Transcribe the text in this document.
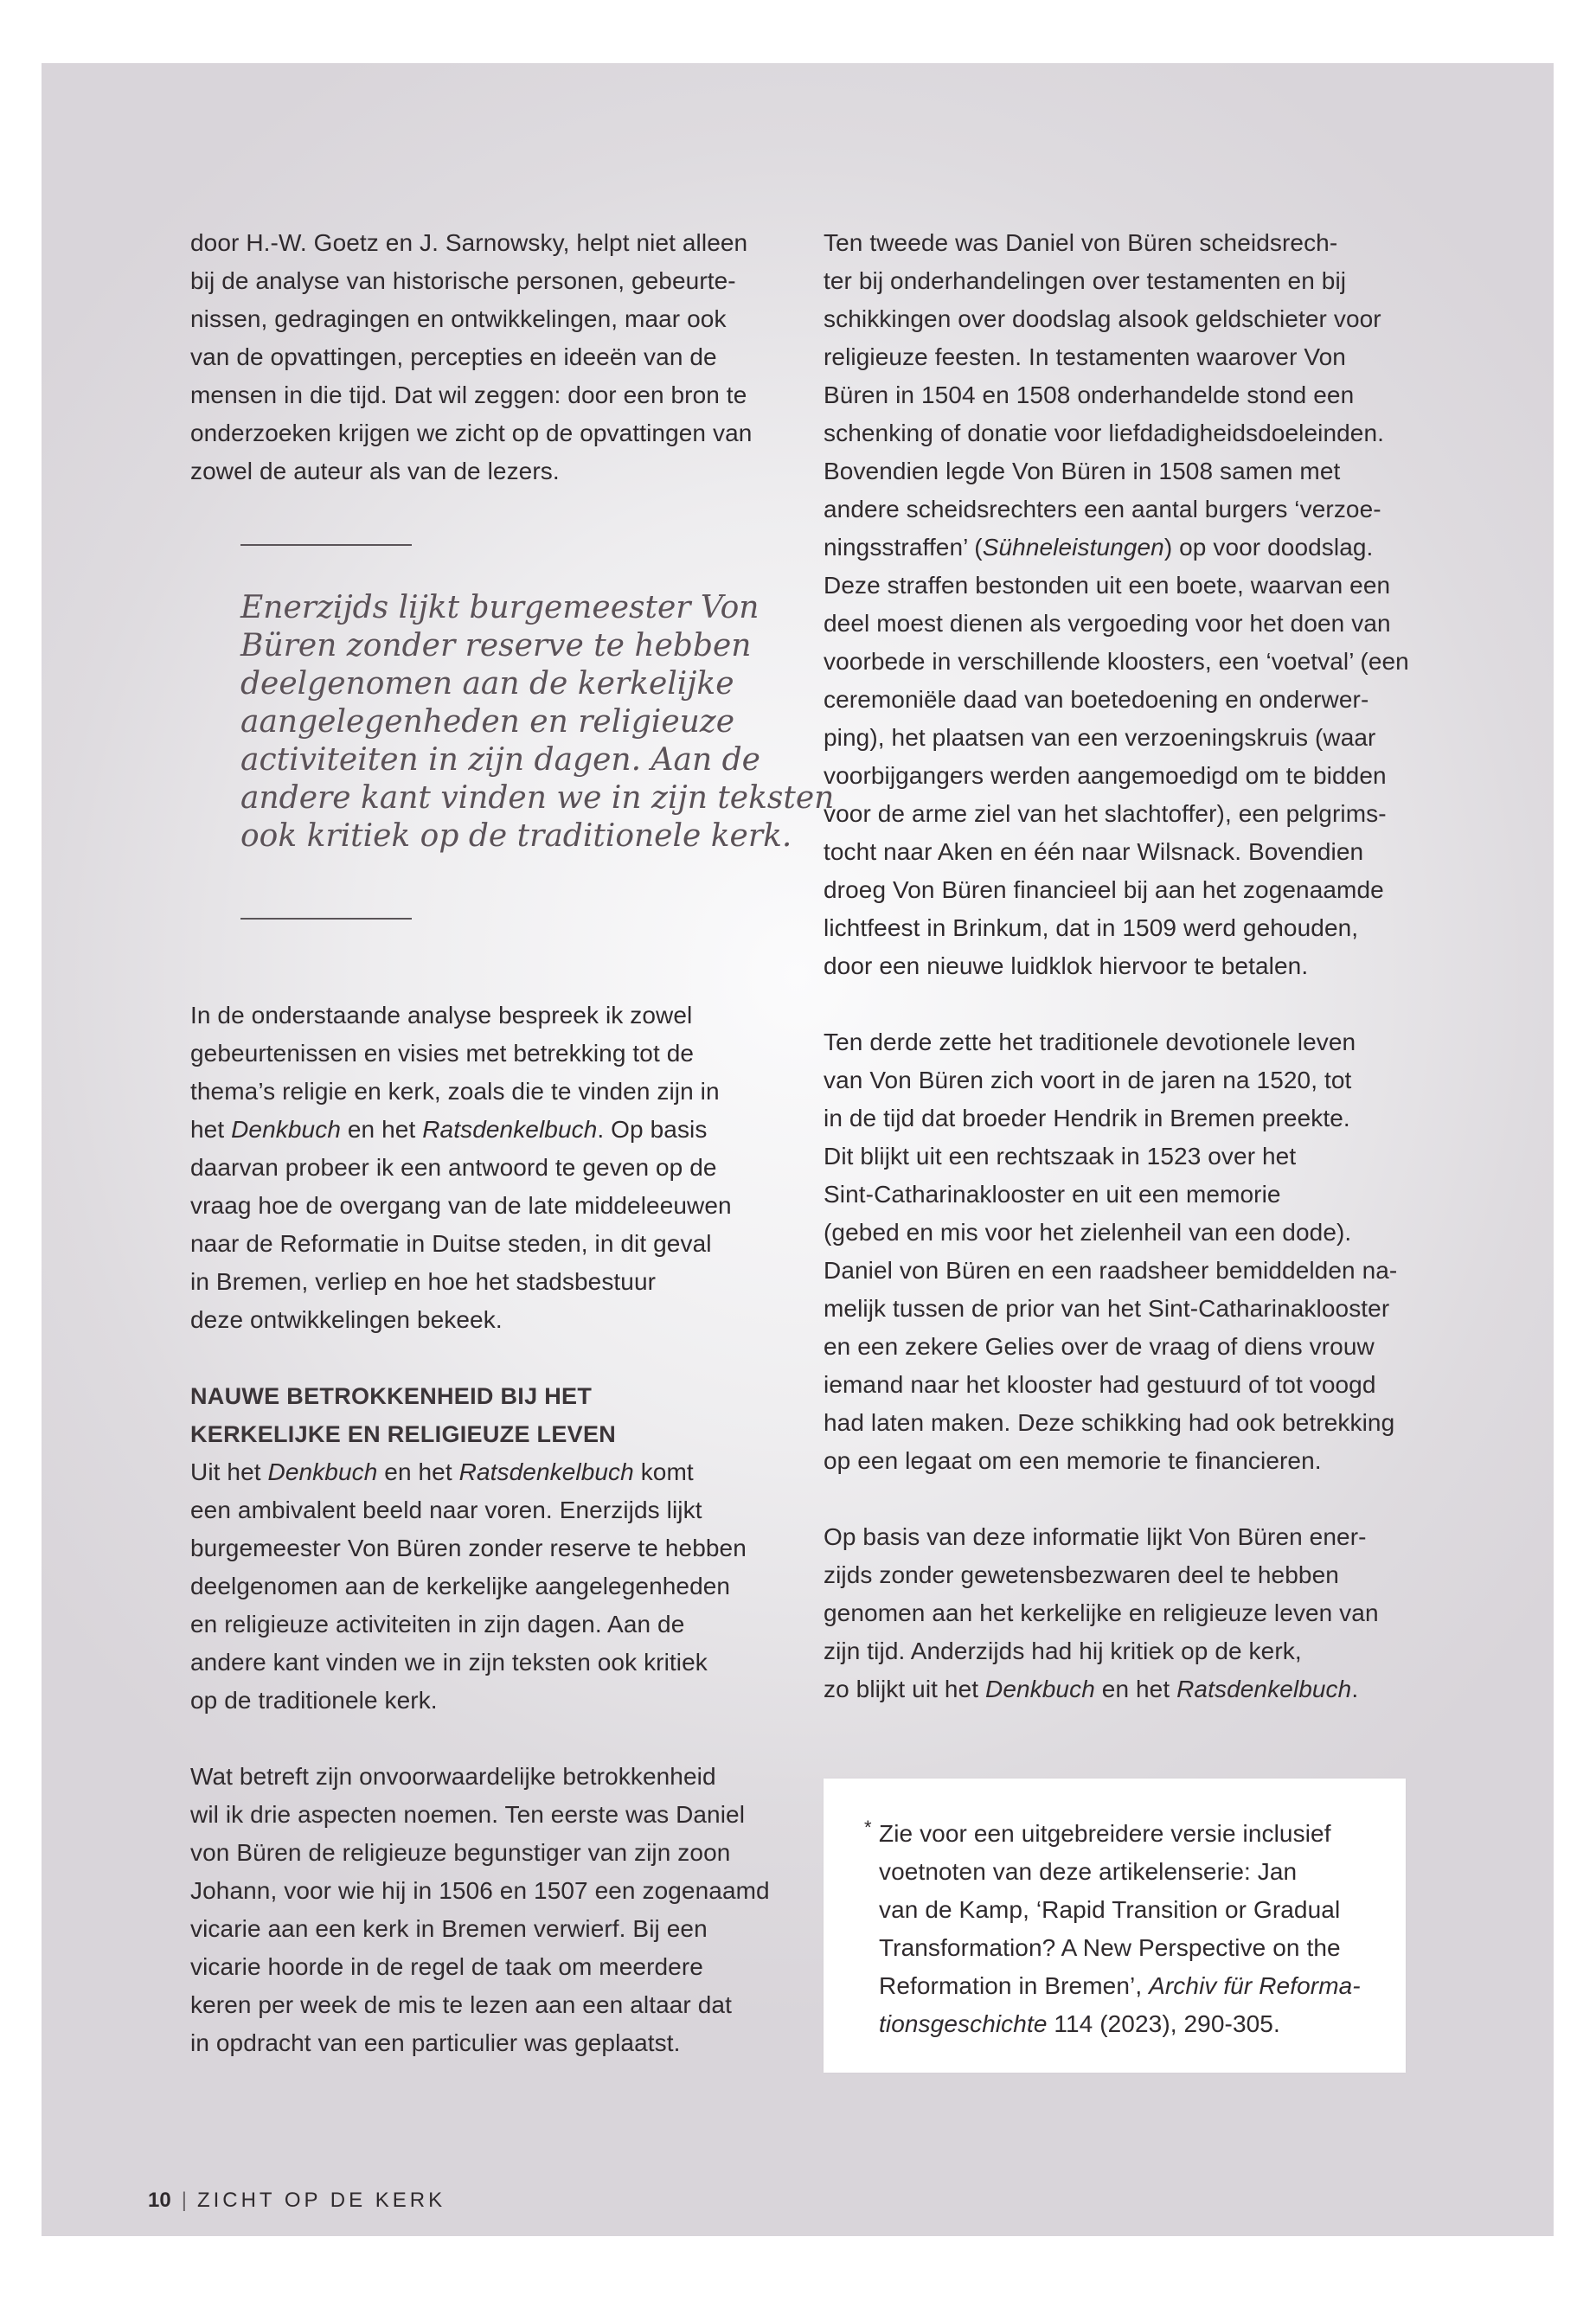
door H.-W. Goetz en J. Sarnowsky, helpt niet alleen
bij de analyse van historische personen, gebeurte-
nissen, gedragingen en ontwikkelingen, maar ook
van de opvattingen, percepties en ideeën van de
mensen in die tijd. Dat wil zeggen: door een bron te
onderzoeken krijgen we zicht op de opvattingen van
zowel de auteur als van de lezers.
Enerzijds lijkt burgemeester Von
Büren zonder reserve te hebben
deelgenomen aan de kerkelijke
aangelegenheden en religieuze
activiteiten in zijn dagen. Aan de
andere kant vinden we in zijn teksten
ook kritiek op de traditionele kerk.
In de onderstaande analyse bespreek ik zowel
gebeurtenissen en visies met betrekking tot de
thema’s religie en kerk, zoals die te vinden zijn in
het Denkbuch en het Ratsdenkelbuch. Op basis
daarvan probeer ik een antwoord te geven op de
vraag hoe de overgang van de late middeleeuwen
naar de Reformatie in Duitse steden, in dit geval
in Bremen, verliep en hoe het stadsbestuur
deze ontwikkelingen bekeek.
NAUWE BETROKKENHEID BIJ HET
KERKELIJKE EN RELIGIEUZE LEVEN
Uit het Denkbuch en het Ratsdenkelbuch komt
een ambivalent beeld naar voren. Enerzijds lijkt
burgemeester Von Büren zonder reserve te hebben
deelgenomen aan de kerkelijke aangelegenheden
en religieuze activiteiten in zijn dagen. Aan de
andere kant vinden we in zijn teksten ook kritiek
op de traditionele kerk.
Wat betreft zijn onvoorwaardelijke betrokkenheid
wil ik drie aspecten noemen. Ten eerste was Daniel
von Büren de religieuze begunstiger van zijn zoon
Johann, voor wie hij in 1506 en 1507 een zogenaamd
vicarie aan een kerk in Bremen verwierf. Bij een
vicarie hoorde in de regel de taak om meerdere
keren per week de mis te lezen aan een altaar dat
in opdracht van een particulier was geplaatst.
Ten tweede was Daniel von Büren scheidsrech-
ter bij onderhandelingen over testamenten en bij
schikkingen over doodslag alsook geldschieter voor
religieuze feesten. In testamenten waarover Von
Büren in 1504 en 1508 onderhandelde stond een
schenking of donatie voor liefdadigheidsdoeleinden.
Bovendien legde Von Büren in 1508 samen met
andere scheidsrechters een aantal burgers ‘verzoe-
ningsstraffen’ (Sühneleistungen) op voor doodslag.
Deze straffen bestonden uit een boete, waarvan een
deel moest dienen als vergoeding voor het doen van
voorbede in verschillende kloosters, een ‘voetval’ (een
ceremoniële daad van boetedoening en onderwer-
ping), het plaatsen van een verzoeningskruis (waar
voorbijgangers werden aangemoedigd om te bidden
voor de arme ziel van het slachtoffer), een pelgrims-
tocht naar Aken en één naar Wilsnack. Bovendien
droeg Von Büren financieel bij aan het zogenaamde
lichtfeest in Brinkum, dat in 1509 werd gehouden,
door een nieuwe luidklok hiervoor te betalen.
Ten derde zette het traditionele devotionele leven
van Von Büren zich voort in de jaren na 1520, tot
in de tijd dat broeder Hendrik in Bremen preekte.
Dit blijkt uit een rechtszaak in 1523 over het
Sint-Catharinaklooster en uit een memorie
(gebed en mis voor het zielenheil van een dode).
Daniel von Büren en een raadsheer bemiddelden na-
melijk tussen de prior van het Sint-Catharinaklooster
en een zekere Gelies over de vraag of diens vrouw
iemand naar het klooster had gestuurd of tot voogd
had laten maken. Deze schikking had ook betrekking
op een legaat om een memorie te financieren.
Op basis van deze informatie lijkt Von Büren ener-
zijds zonder gewetensbezwaren deel te hebben
genomen aan het kerkelijke en religieuze leven van
zijn tijd. Anderzijds had hij kritiek op de kerk,
zo blijkt uit het Denkbuch en het Ratsdenkelbuch.
* Zie voor een uitgebreidere versie inclusief
voetnoten van deze artikelenserie: Jan
van de Kamp, ‘Rapid Transition or Gradual
Transformation? A New Perspective on the
Reformation in Bremen’, Archiv für Reforma-
tionsgeschichte 114 (2023), 290-305.
10 | ZICHT OP DE KERK
